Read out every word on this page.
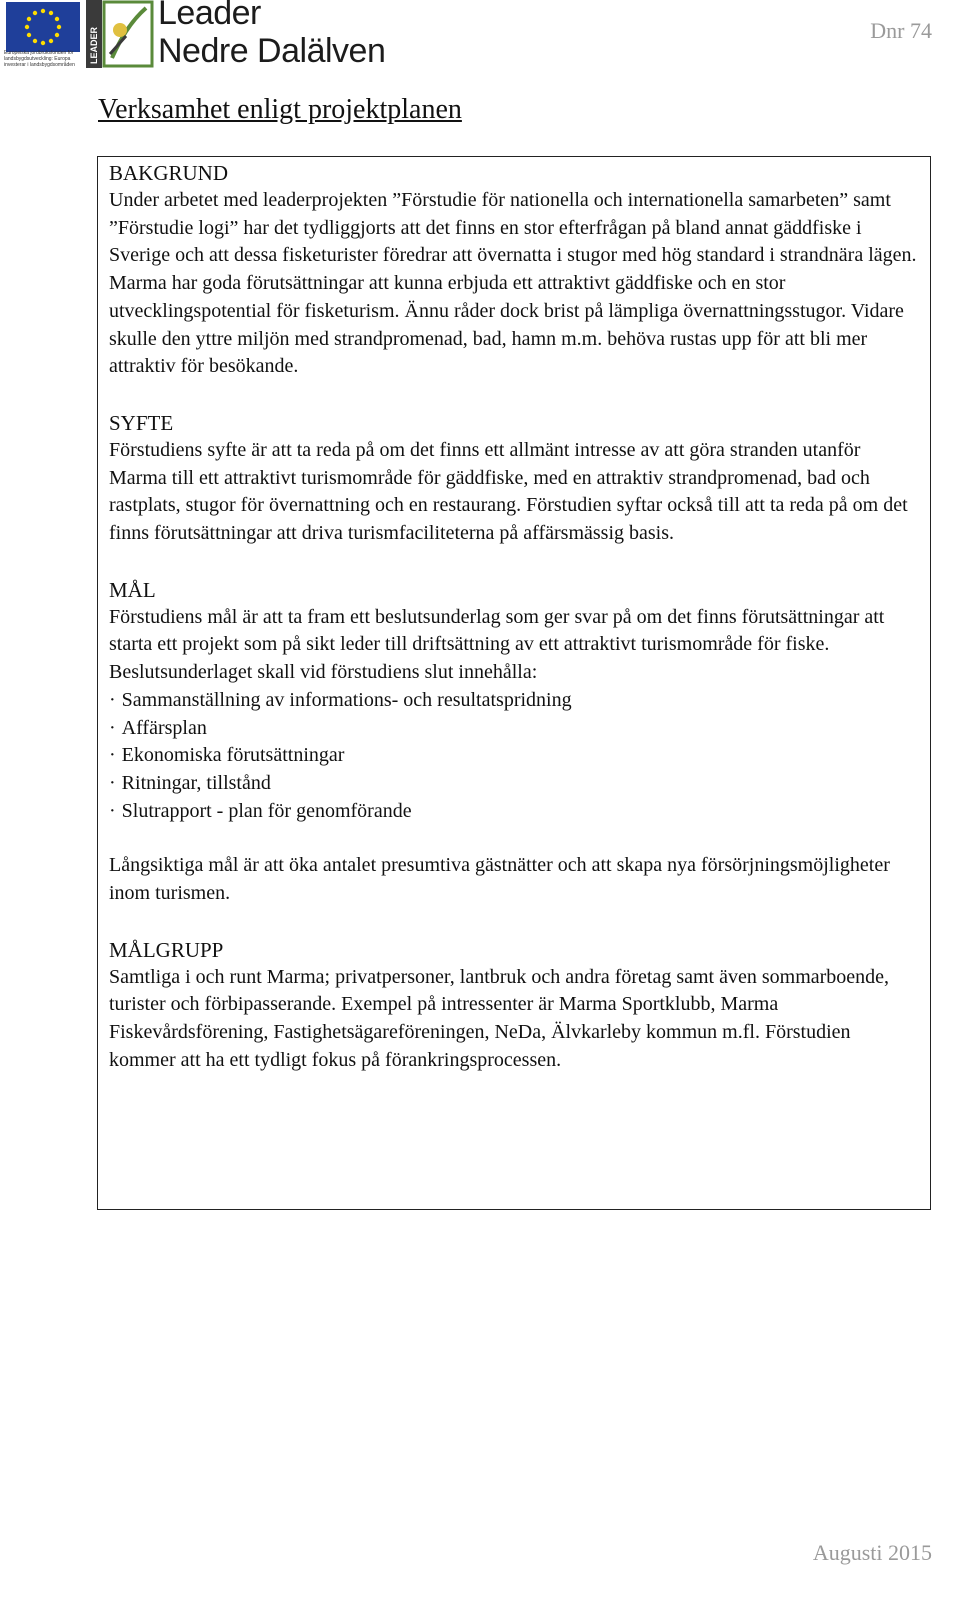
Europeiska jordbruksfonden för landsbygdsutveckling: Europa investerar i landsbygdsområden
LEADER
Leader
Nedre Dalälven
Dnr 74
Verksamhet enligt projektplanen
BAKGRUND

Under arbetet med leaderprojekten ”Förstudie för nationella och internationella samarbeten” samt ”Förstudie logi” har det tydliggjorts att det finns en stor efterfrågan på bland annat gäddfiske i Sverige och att dessa fisketurister föredrar att övernatta i stugor med hög standard i strandnära lägen. Marma har goda förutsättningar att kunna erbjuda ett attraktivt gäddfiske och en stor utvecklingspotential för fisketurism. Ännu råder dock brist på lämpliga övernattningsstugor. Vidare skulle den yttre miljön med strandpromenad, bad, hamn m.m. behöva rustas upp för att bli mer attraktiv för besökande.

SYFTE

Förstudiens syfte är att ta reda på om det finns ett allmänt intresse av att göra stranden utanför Marma till ett attraktivt turismområde för gäddfiske, med en attraktiv strandpromenad, bad och rastplats, stugor för övernattning och en restaurang. Förstudien syftar också till att ta reda på om det finns förutsättningar att driva turismfaciliteterna på affärsmässig basis.

MÅL

Förstudiens mål är att ta fram ett beslutsunderlag som ger svar på om det finns förutsättningar att starta ett projekt som på sikt leder till driftsättning av ett attraktivt turismområde för fiske. Beslutsunderlaget skall vid förstudiens slut innehålla:

· Sammanställning av informations- och resultatspridning
· Affärsplan
· Ekonomiska förutsättningar
· Ritningar, tillstånd
· Slutrapport - plan för genomförande

Långsiktiga mål är att öka antalet presumtiva gästnätter och att skapa nya försörjningsmöjligheter inom turismen.

MÅLGRUPP

Samtliga i och runt Marma; privatpersoner, lantbruk och andra företag samt även sommarboende, turister och förbipasserande. Exempel på intressenter är Marma Sportklubb, Marma Fiskevårdsförening, Fastighetsägareföreningen, NeDa, Älvkarleby kommun m.fl. Förstudien kommer att ha ett tydligt fokus på förankringsprocessen.

Augusti 2015
